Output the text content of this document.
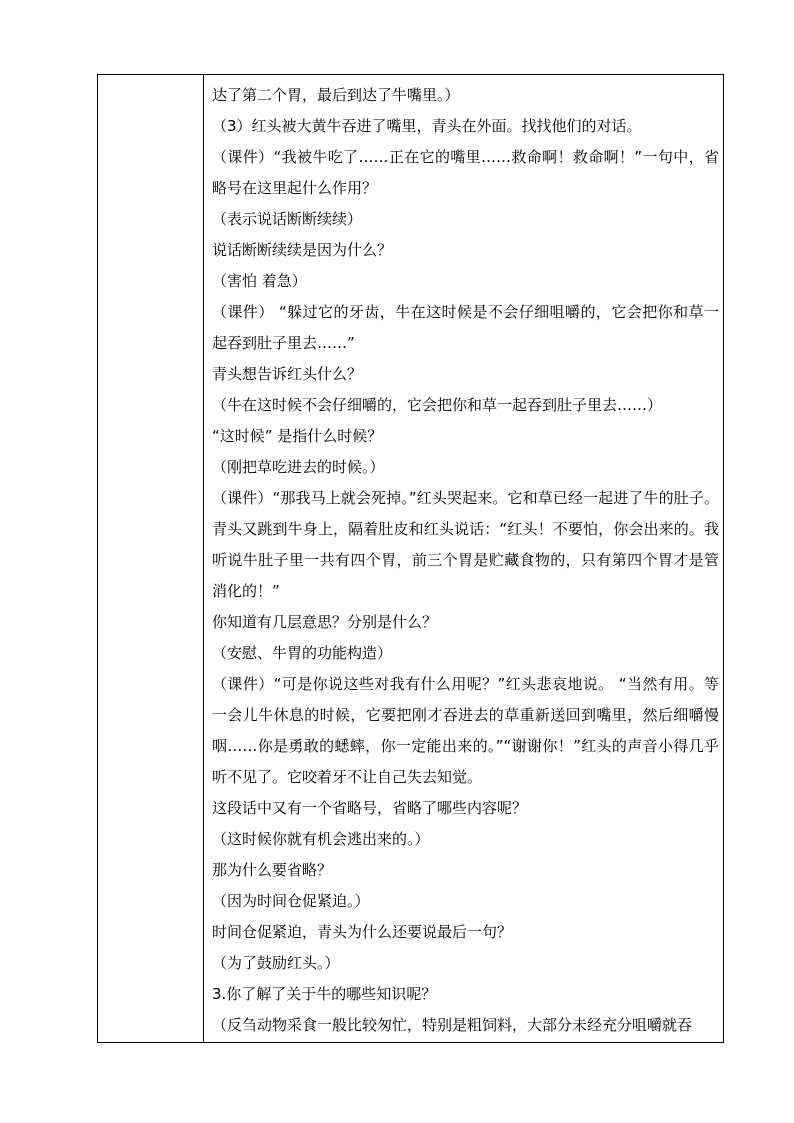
达了第二个胃，最后到达了牛嘴里。）

（3）红头被大黄牛吞进了嘴里，青头在外面。找找他们的对话。

（课件）“我被牛吃了……正在它的嘴里……救命啊！救命啊！”一句中，省略号在这里起什么作用？

（表示说话断断续续）

说话断断续续是因为什么？

（害怕 着急）

（课件） “躲过它的牙齿，牛在这时候是不会仔细咀嚼的，它会把你和草一起吞到肚子里去……”

青头想告诉红头什么？

（牛在这时候不会仔细嚼的，它会把你和草一起吞到肚子里去……）

“这时候” 是指什么时候？

（刚把草吃进去的时候。）

（课件）“那我马上就会死掉。”红头哭起来。它和草已经一起进了牛的肚子。 青头又跳到牛身上，隔着肚皮和红头说话：“红头！不要怕，你会出来的。我听说牛肚子里一共有四个胃，前三个胃是贮藏食物的，只有第四个胃才是管消化的！”

你知道有几层意思？分别是什么？

（安慰、牛胃的功能构造）

（课件）“可是你说这些对我有什么用呢？”红头悲哀地说。 “当然有用。等一会儿牛休息的时候，它要把刚才吞进去的草重新送回到嘴里，然后细嚼慢咽……你是勇敢的蟋蟀，你一定能出来的。”“谢谢你！”红头的声音小得几乎听不见了。它咬着牙不让自己失去知觉。

这段话中又有一个省略号，省略了哪些内容呢？

（这时候你就有机会逃出来的。）

那为什么要省略？

（因为时间仓促紧迫。）

时间仓促紧迫，青头为什么还要说最后一句？

（为了鼓励红头。）

3.你了解了关于牛的哪些知识呢？

（反刍动物采食一般比较匆忙，特别是粗饲料，大部分未经充分咀嚼就吞
